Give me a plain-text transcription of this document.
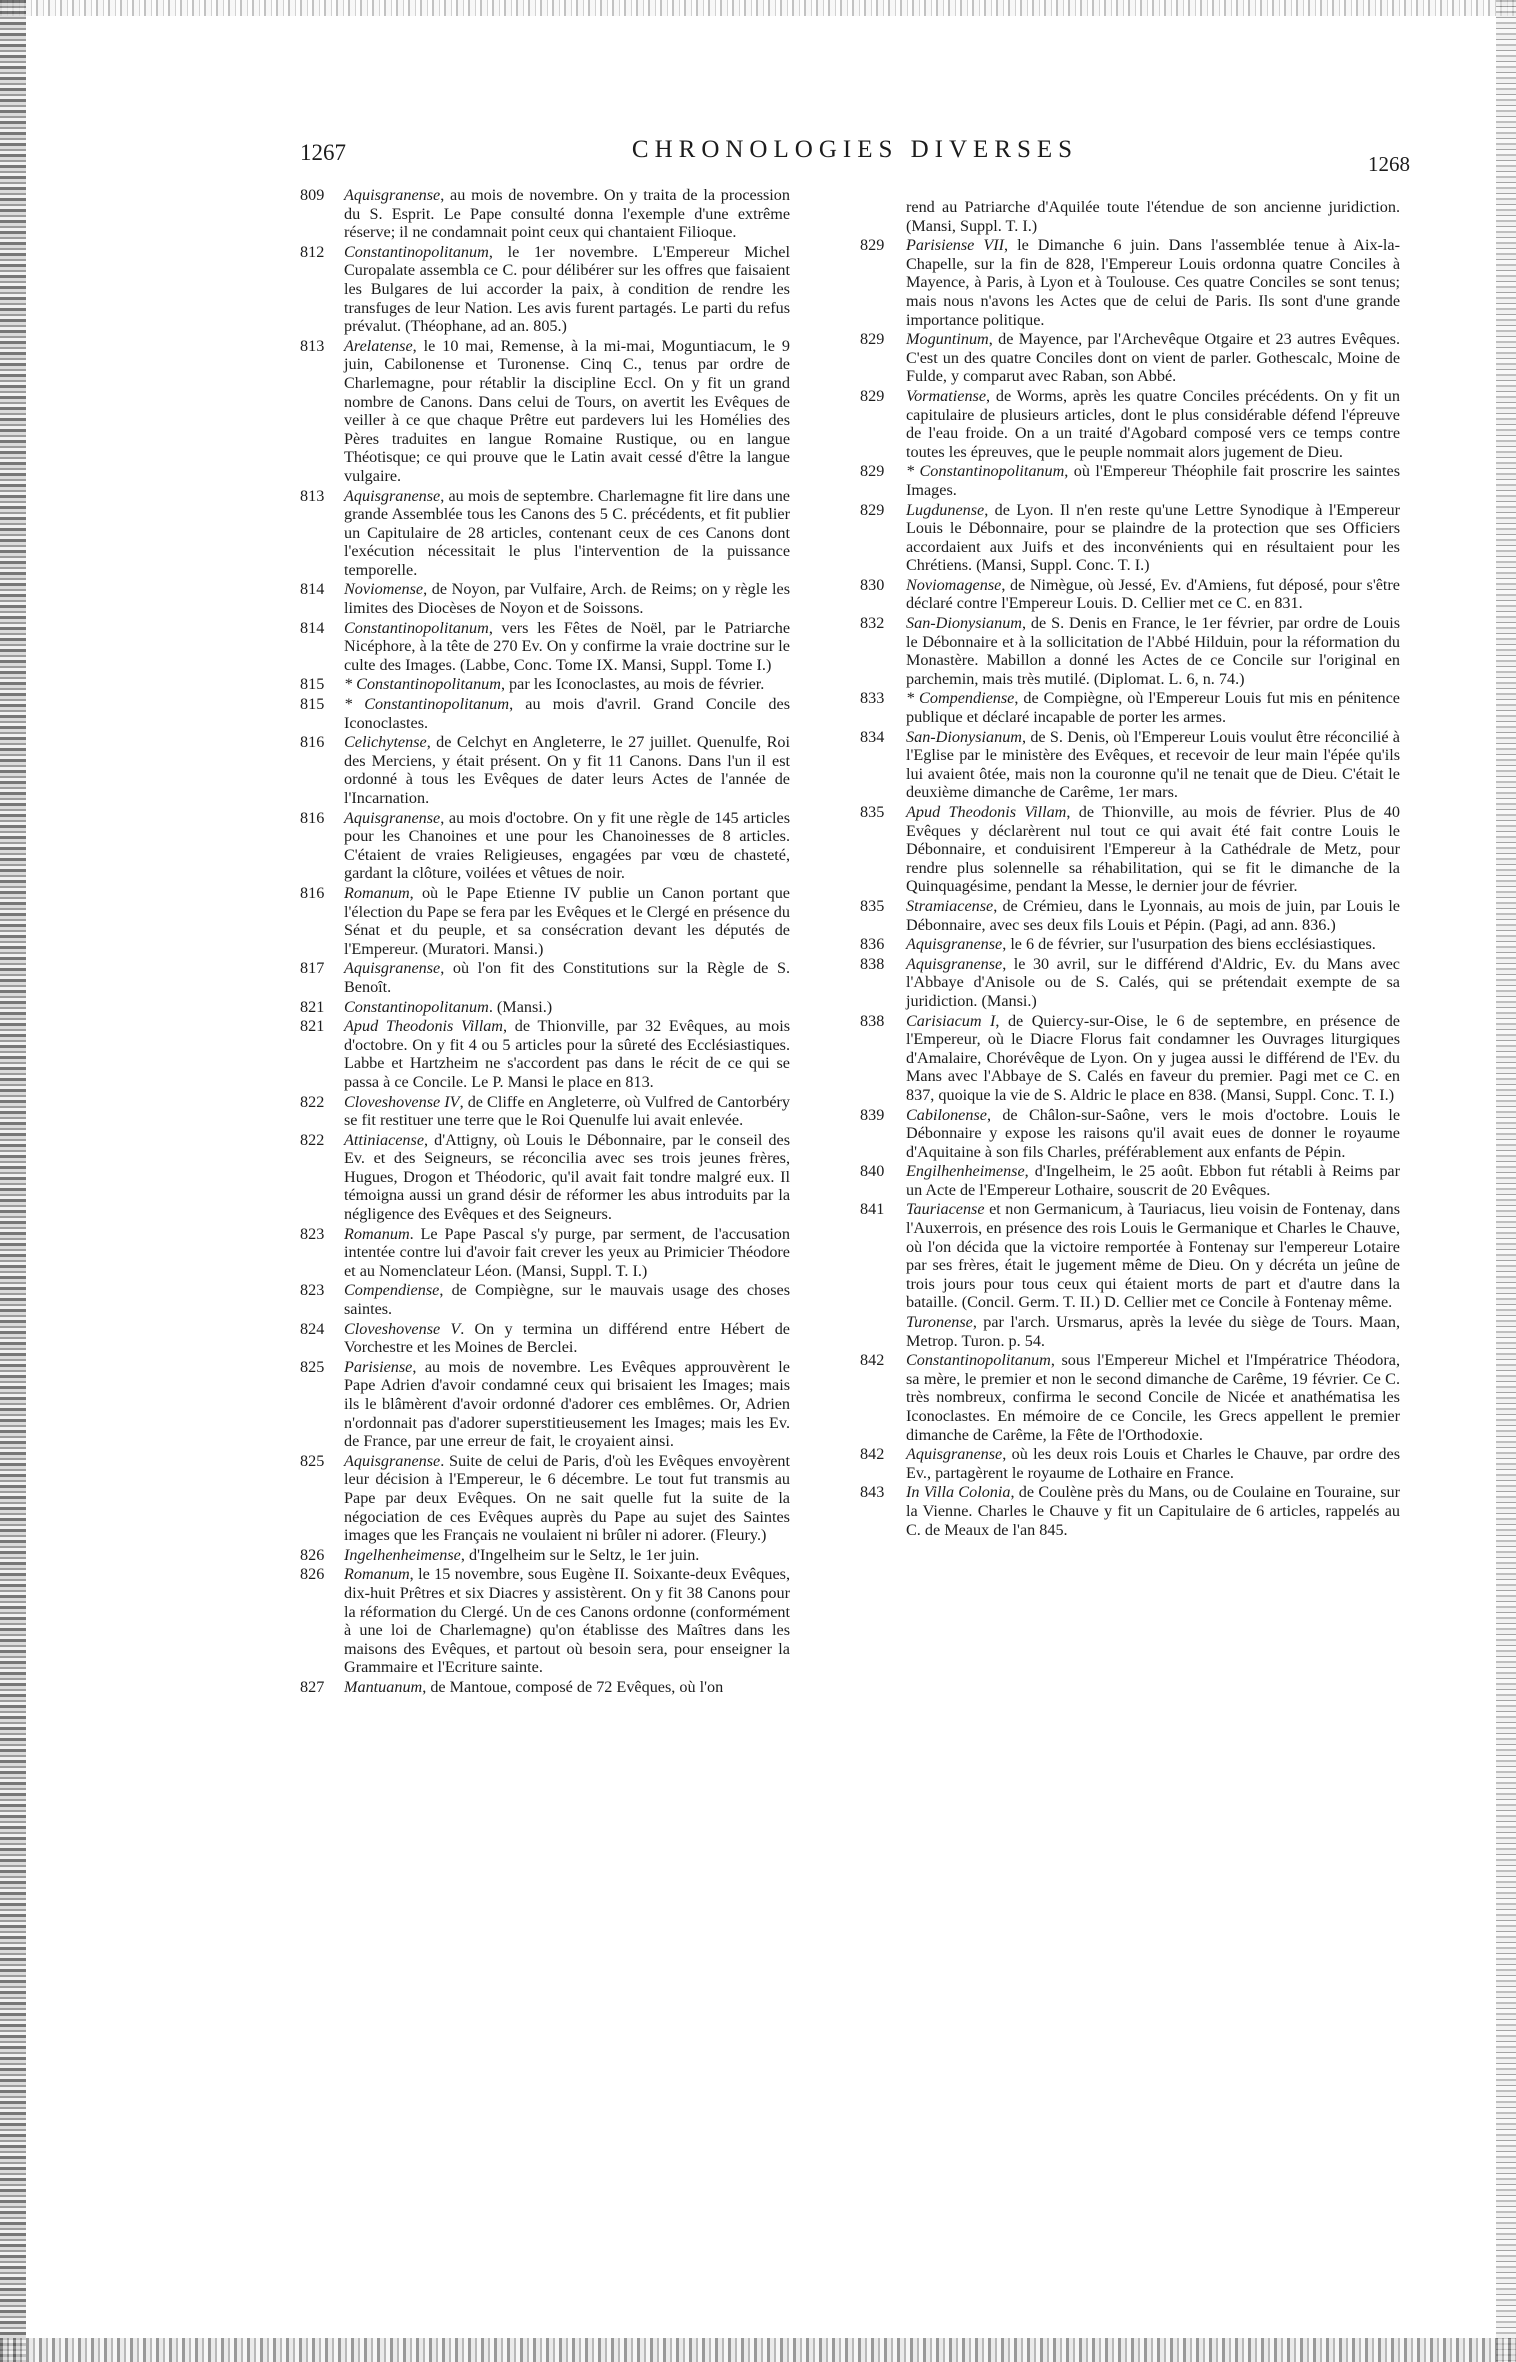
1267	CHRONOLOGIES DIVERSES
1268
809 Aquisgranense, au mois de novembre. On y traita de la procession du S. Esprit. Le Pape consulté donna l'exemple d'une extrême réserve; il ne condamnait point ceux qui chantaient Filioque.
812 Constantinopolitanum, le 1er novembre. L'Empereur Michel Curopalate assembla ce C. pour délibérer sur les offres que faisaient les Bulgares de lui accorder la paix, à condition de rendre les transfuges de leur Nation. Les avis furent partagés. Le parti du refus prévalut. (Théophane, ad an. 805.)
813 Arelatense, le 10 mai, Remense, à la mi-mai, Moguntiacum, le 9 juin, Cabilonense et Turonense. Cinq C., tenus par ordre de Charlemagne, pour rétablir la discipline Eccl. On y fit un grand nombre de Canons. Dans celui de Tours, on avertit les Evêques de veiller à ce que chaque Prêtre eut pardevers lui les Homélies des Pères traduites en langue Romaine Rustique, ou en langue Théotisque; ce qui prouve que le Latin avait cessé d'être la langue vulgaire.
813 Aquisgranense, au mois de septembre. Charlemagne fit lire dans une grande Assemblée tous les Canons des 5 C. précédents, et fit publier un Capitulaire de 28 articles, contenant ceux de ces Canons dont l'exécution nécessitait le plus l'intervention de la puissance temporelle.
814 Noviomense, de Noyon, par Vulfaire, Arch. de Reims; on y règle les limites des Diocèses de Noyon et de Soissons.
814 Constantinopolitanum, vers les Fêtes de Noël, par le Patriarche Nicéphore, à la tête de 270 Ev. On y confirme la vraie doctrine sur le culte des Images. (Labbe, Conc. Tome IX. Mansi, Suppl. Tome I.)
815 * Constantinopolitanum, par les Iconoclastes, au mois de février.
815 * Constantinopolitanum, au mois d'avril. Grand Concile des Iconoclastes.
816 Celichytense, de Celchyt en Angleterre, le 27 juillet. Quenulfe, Roi des Merciens, y était présent. On y fit 11 Canons. Dans l'un il est ordonné à tous les Evêques de dater leurs Actes de l'année de l'Incarnation.
816 Aquisgranense, au mois d'octobre. On y fit une règle de 145 articles pour les Chanoines et une pour les Chanoinesses de 8 articles. C'étaient de vraies Religieuses, engagées par vœu de chasteté, gardant la clôture, voilées et vêtues de noir.
816 Romanum, où le Pape Etienne IV publie un Canon portant que l'élection du Pape se fera par les Evêques et le Clergé en présence du Sénat et du peuple, et sa consécration devant les députés de l'Empereur. (Muratori. Mansi.)
817 Aquisgranense, où l'on fit des Constitutions sur la Règle de S. Benoît.
821 Constantinopolitanum. (Mansi.)
821 Apud Theodonis Villam, de Thionville, par 32 Evêques, au mois d'octobre. On y fit 4 ou 5 articles pour la sûreté des Ecclésiastiques. Labbe et Hartzheim ne s'accordent pas dans le récit de ce qui se passa à ce Concile. Le P. Mansi le place en 813.
822 Cloveshovense IV, de Cliffe en Angleterre, où Vulfred de Cantorbéry se fit restituer une terre que le Roi Quenulfe lui avait enlevée.
822 Attiniacense, d'Attigny, où Louis le Débonnaire, par le conseil des Ev. et des Seigneurs, se réconcilia avec ses trois jeunes frères, Hugues, Drogon et Théodoric, qu'il avait fait tondre malgré eux. Il témoigna aussi un grand désir de réformer les abus introduits par la négligence des Evêques et des Seigneurs.
823 Romanum. Le Pape Pascal s'y purge, par serment, de l'accusation intentée contre lui d'avoir fait crever les yeux au Primicier Théodore et au Nomenclateur Léon. (Mansi, Suppl. T. I.)
823 Compendiense, de Compiègne, sur le mauvais usage des choses saintes.
824 Cloveshovense V. On y termina un différend entre Hébert de Vorchestre et les Moines de Berclei.
825 Parisiense, au mois de novembre. Les Evêques approuvèrent le Pape Adrien d'avoir condamné ceux qui brisaient les Images; mais ils le blâmèrent d'avoir ordonné d'adorer ces emblêmes. Or, Adrien n'ordonnait pas d'adorer superstitieusement les Images; mais les Ev. de France, par une erreur de fait, le croyaient ainsi.
825 Aquisgranense. Suite de celui de Paris, d'où les Evêques envoyèrent leur décision à l'Empereur, le 6 décembre. Le tout fut transmis au Pape par deux Evêques. On ne sait quelle fut la suite de la négociation de ces Evêques auprès du Pape au sujet des Saintes images que les Français ne voulaient ni brûler ni adorer. (Fleury.)
826 Ingelhenheimense, d'Ingelheim sur le Seltz, le 1er juin.
826 Romanum, le 15 novembre, sous Eugène II. Soixante-deux Evêques, dix-huit Prêtres et six Diacres y assistèrent. On y fit 38 Canons pour la réformation du Clergé. Un de ces Canons ordonne (conformément à une loi de Charlemagne) qu'on établisse des Maîtres dans les maisons des Evêques, et partout où besoin sera, pour enseigner la Grammaire et l'Ecriture sainte.
827 Mantuanum, de Mantoue, composé de 72 Evêques, où l'on
rend au Patriarche d'Aquilée toute l'étendue de son ancienne juridiction. (Mansi, Suppl. T. I.)
829 Parisiense VII, le Dimanche 6 juin. Dans l'assemblée tenue à Aix-la-Chapelle, sur la fin de 828, l'Empereur Louis ordonna quatre Conciles à Mayence, à Paris, à Lyon et à Toulouse. Ces quatre Conciles se sont tenus; mais nous n'avons les Actes que de celui de Paris. Ils sont d'une grande importance politique.
829 Moguntinum, de Mayence, par l'Archevêque Otgaire et 23 autres Evêques. C'est un des quatre Conciles dont on vient de parler. Gothescalc, Moine de Fulde, y comparut avec Raban, son Abbé.
829 Vormatiense, de Worms, après les quatre Conciles précédents. On y fit un capitulaire de plusieurs articles, dont le plus considérable défend l'épreuve de l'eau froide. On a un traité d'Agobard composé vers ce temps contre toutes les épreuves, que le peuple nommait alors jugement de Dieu.
829 * Constantinopolitanum, où l'Empereur Théophile fait proscrire les saintes Images.
829 Lugdunense, de Lyon. Il n'en reste qu'une Lettre Synodique à l'Empereur Louis le Débonnaire, pour se plaindre de la protection que ses Officiers accordaient aux Juifs et des inconvénients qui en résultaient pour les Chrétiens. (Mansi, Suppl. Conc. T. I.)
830 Noviomagense, de Nimègue, où Jessé, Ev. d'Amiens, fut déposé, pour s'être déclaré contre l'Empereur Louis. D. Cellier met ce C. en 831.
832 San-Dionysianum, de S. Denis en France, le 1er février, par ordre de Louis le Débonnaire et à la sollicitation de l'Abbé Hilduin, pour la réformation du Monastère. Mabillon a donné les Actes de ce Concile sur l'original en parchemin, mais très mutilé. (Diplomat. L. 6, n. 74.)
833 * Compendiense, de Compiègne, où l'Empereur Louis fut mis en pénitence publique et déclaré incapable de porter les armes.
834 San-Dionysianum, de S. Denis, où l'Empereur Louis voulut être réconcilié à l'Eglise par le ministère des Evêques, et recevoir de leur main l'épée qu'ils lui avaient ôtée, mais non la couronne qu'il ne tenait que de Dieu. C'était le deuxième dimanche de Carême, 1er mars.
835 Apud Theodonis Villam, de Thionville, au mois de février. Plus de 40 Evêques y déclarèrent nul tout ce qui avait été fait contre Louis le Débonnaire, et conduisirent l'Empereur à la Cathédrale de Metz, pour rendre plus solennelle sa réhabilitation, qui se fit le dimanche de la Quinquagésime, pendant la Messe, le dernier jour de février.
835 Stramiacense, de Crémieu, dans le Lyonnais, au mois de juin, par Louis le Débonnaire, avec ses deux fils Louis et Pépin. (Pagi, ad ann. 836.)
836 Aquisgranense, le 6 de février, sur l'usurpation des biens ecclésiastiques.
838 Aquisgranense, le 30 avril, sur le différend d'Aldric, Ev. du Mans avec l'Abbaye d'Anisole ou de S. Calés, qui se prétendait exempte de sa juridiction. (Mansi.)
838 Carisiacum I, de Quiercy-sur-Oise, le 6 de septembre, en présence de l'Empereur, où le Diacre Florus fait condamner les Ouvrages liturgiques d'Amalaire, Chorévêque de Lyon. On y jugea aussi le différend de l'Ev. du Mans avec l'Abbaye de S. Calés en faveur du premier. Pagi met ce C. en 837, quoique la vie de S. Aldric le place en 838. (Mansi, Suppl. Conc. T. I.)
839 Cabilonense, de Châlon-sur-Saône, vers le mois d'octobre. Louis le Débonnaire y expose les raisons qu'il avait eues de donner le royaume d'Aquitaine à son fils Charles, préférablement aux enfants de Pépin.
840 Engilhenheimense, d'Ingelheim, le 25 août. Ebbon fut rétabli à Reims par un Acte de l'Empereur Lothaire, souscrit de 20 Evêques.
841 Tauriacense et non Germanicum, à Tauriacus, lieu voisin de Fontenay, dans l'Auxerrois, en présence des rois Louis le Germanique et Charles le Chauve, où l'on décida que la victoire remportée à Fontenay sur l'empereur Lotaire par ses frères, était le jugement même de Dieu. On y décréta un jeûne de trois jours pour tous ceux qui étaient morts de part et d'autre dans la bataille. (Concil. Germ. T. II.) D. Cellier met ce Concile à Fontenay même.
Turonense, par l'arch. Ursmarus, après la levée du siège de Tours. Maan, Metrop. Turon. p. 54.
842 Constantinopolitanum, sous l'Empereur Michel et l'Impératrice Théodora, sa mère, le premier et non le second dimanche de Carême, 19 février. Ce C. très nombreux, confirma le second Concile de Nicée et anathématisa les Iconoclastes. En mémoire de ce Concile, les Grecs appellent le premier dimanche de Carême, la Fête de l'Orthodoxie.
842 Aquisgranense, où les deux rois Louis et Charles le Chauve, par ordre des Ev., partagèrent le royaume de Lothaire en France.
843 In Villa Colonia, de Coulène près du Mans, ou de Coulaine en Touraine, sur la Vienne. Charles le Chauve y fit un Capitulaire de 6 articles, rappelés au C. de Meaux de l'an 845.
